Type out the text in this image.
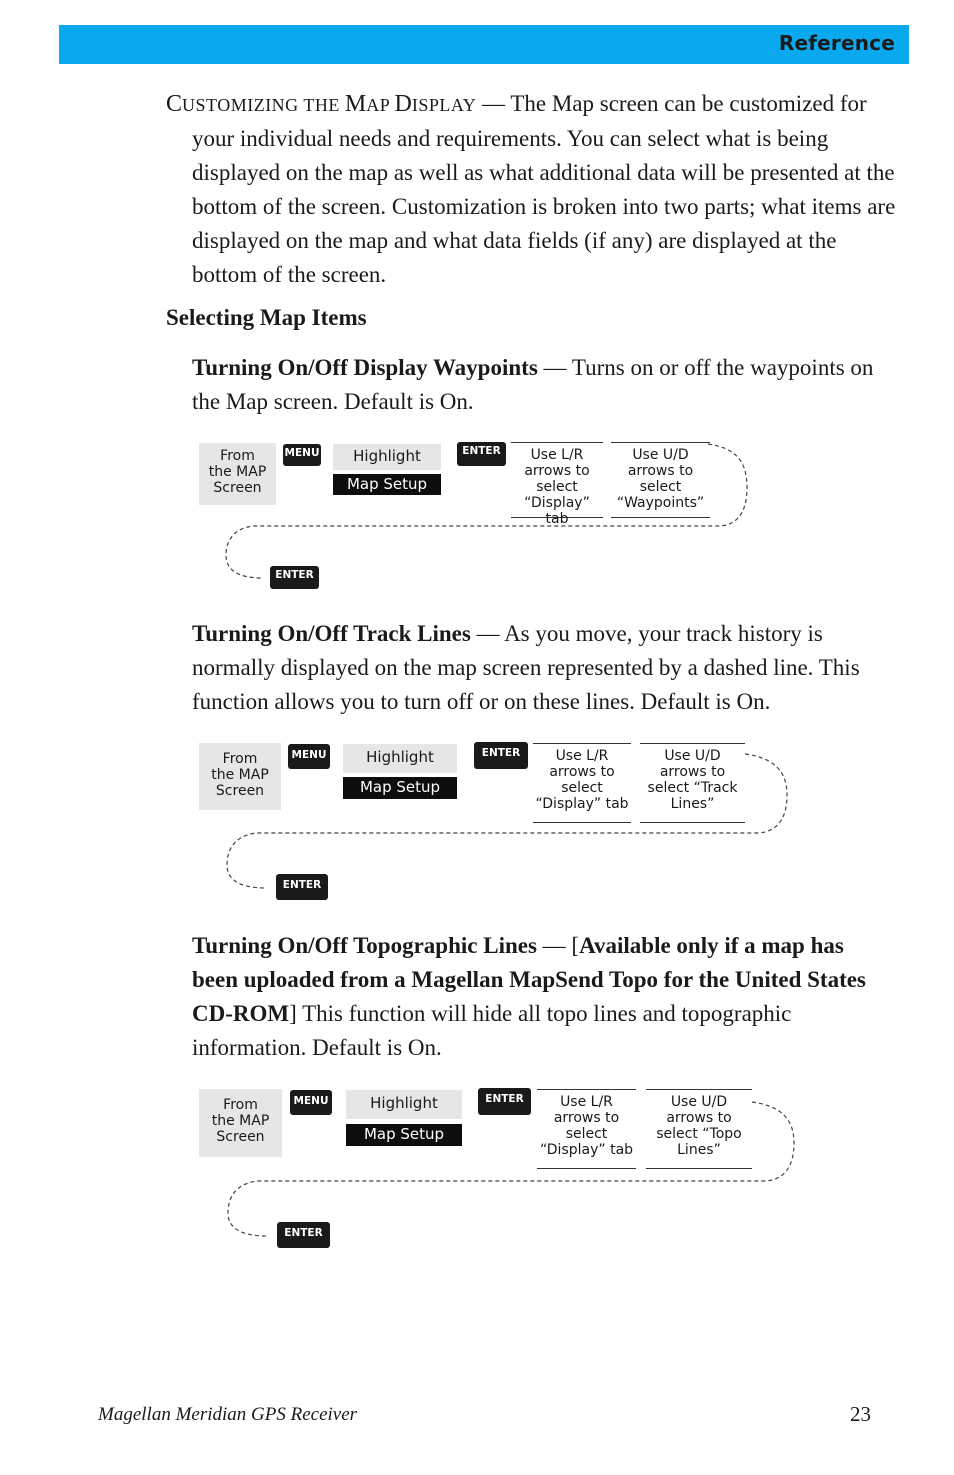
Reference

CUSTOMIZING THE MAP DISPLAY — The Map screen can be customized for your individual needs and requirements. You can select what is being displayed on the map as well as what additional data will be presented at the bottom of the screen. Customization is broken into two parts; what items are displayed on the map and what data fields (if any) are displayed at the bottom of the screen.

Selecting Map Items

Turning On/Off Display Waypoints — Turns on or off the waypoints on the Map screen. Default is On.

From
the MAP
Screen
MENU	Highlight
Map Setup
ENTER	Use L/R
arrows to
select
“Display” tab
Use U/D
arrows to
select
“Waypoints”
ENTER

Turning On/Off Track Lines — As you move, your track history is normally displayed on the map screen represented by a dashed line. This function allows you to turn off or on these lines. Default is On.

From
the MAP
Screen
MENU	Highlight
Map Setup
ENTER	Use L/R
arrows to
select
“Display” tab
Use U/D
arrows to
select “Track
Lines”
ENTER

Turning On/Off Topographic Lines — [Available only if a map has been uploaded from a Magellan MapSend Topo for the United States CD-ROM] This function will hide all topo lines and topographic information. Default is On.

From
the MAP
Screen
MENU	Highlight
Map Setup
ENTER	Use L/R
arrows to
select
“Display” tab
Use U/D
arrows to
select “Topo
Lines”
ENTER
Magellan Meridian GPS Receiver	23
